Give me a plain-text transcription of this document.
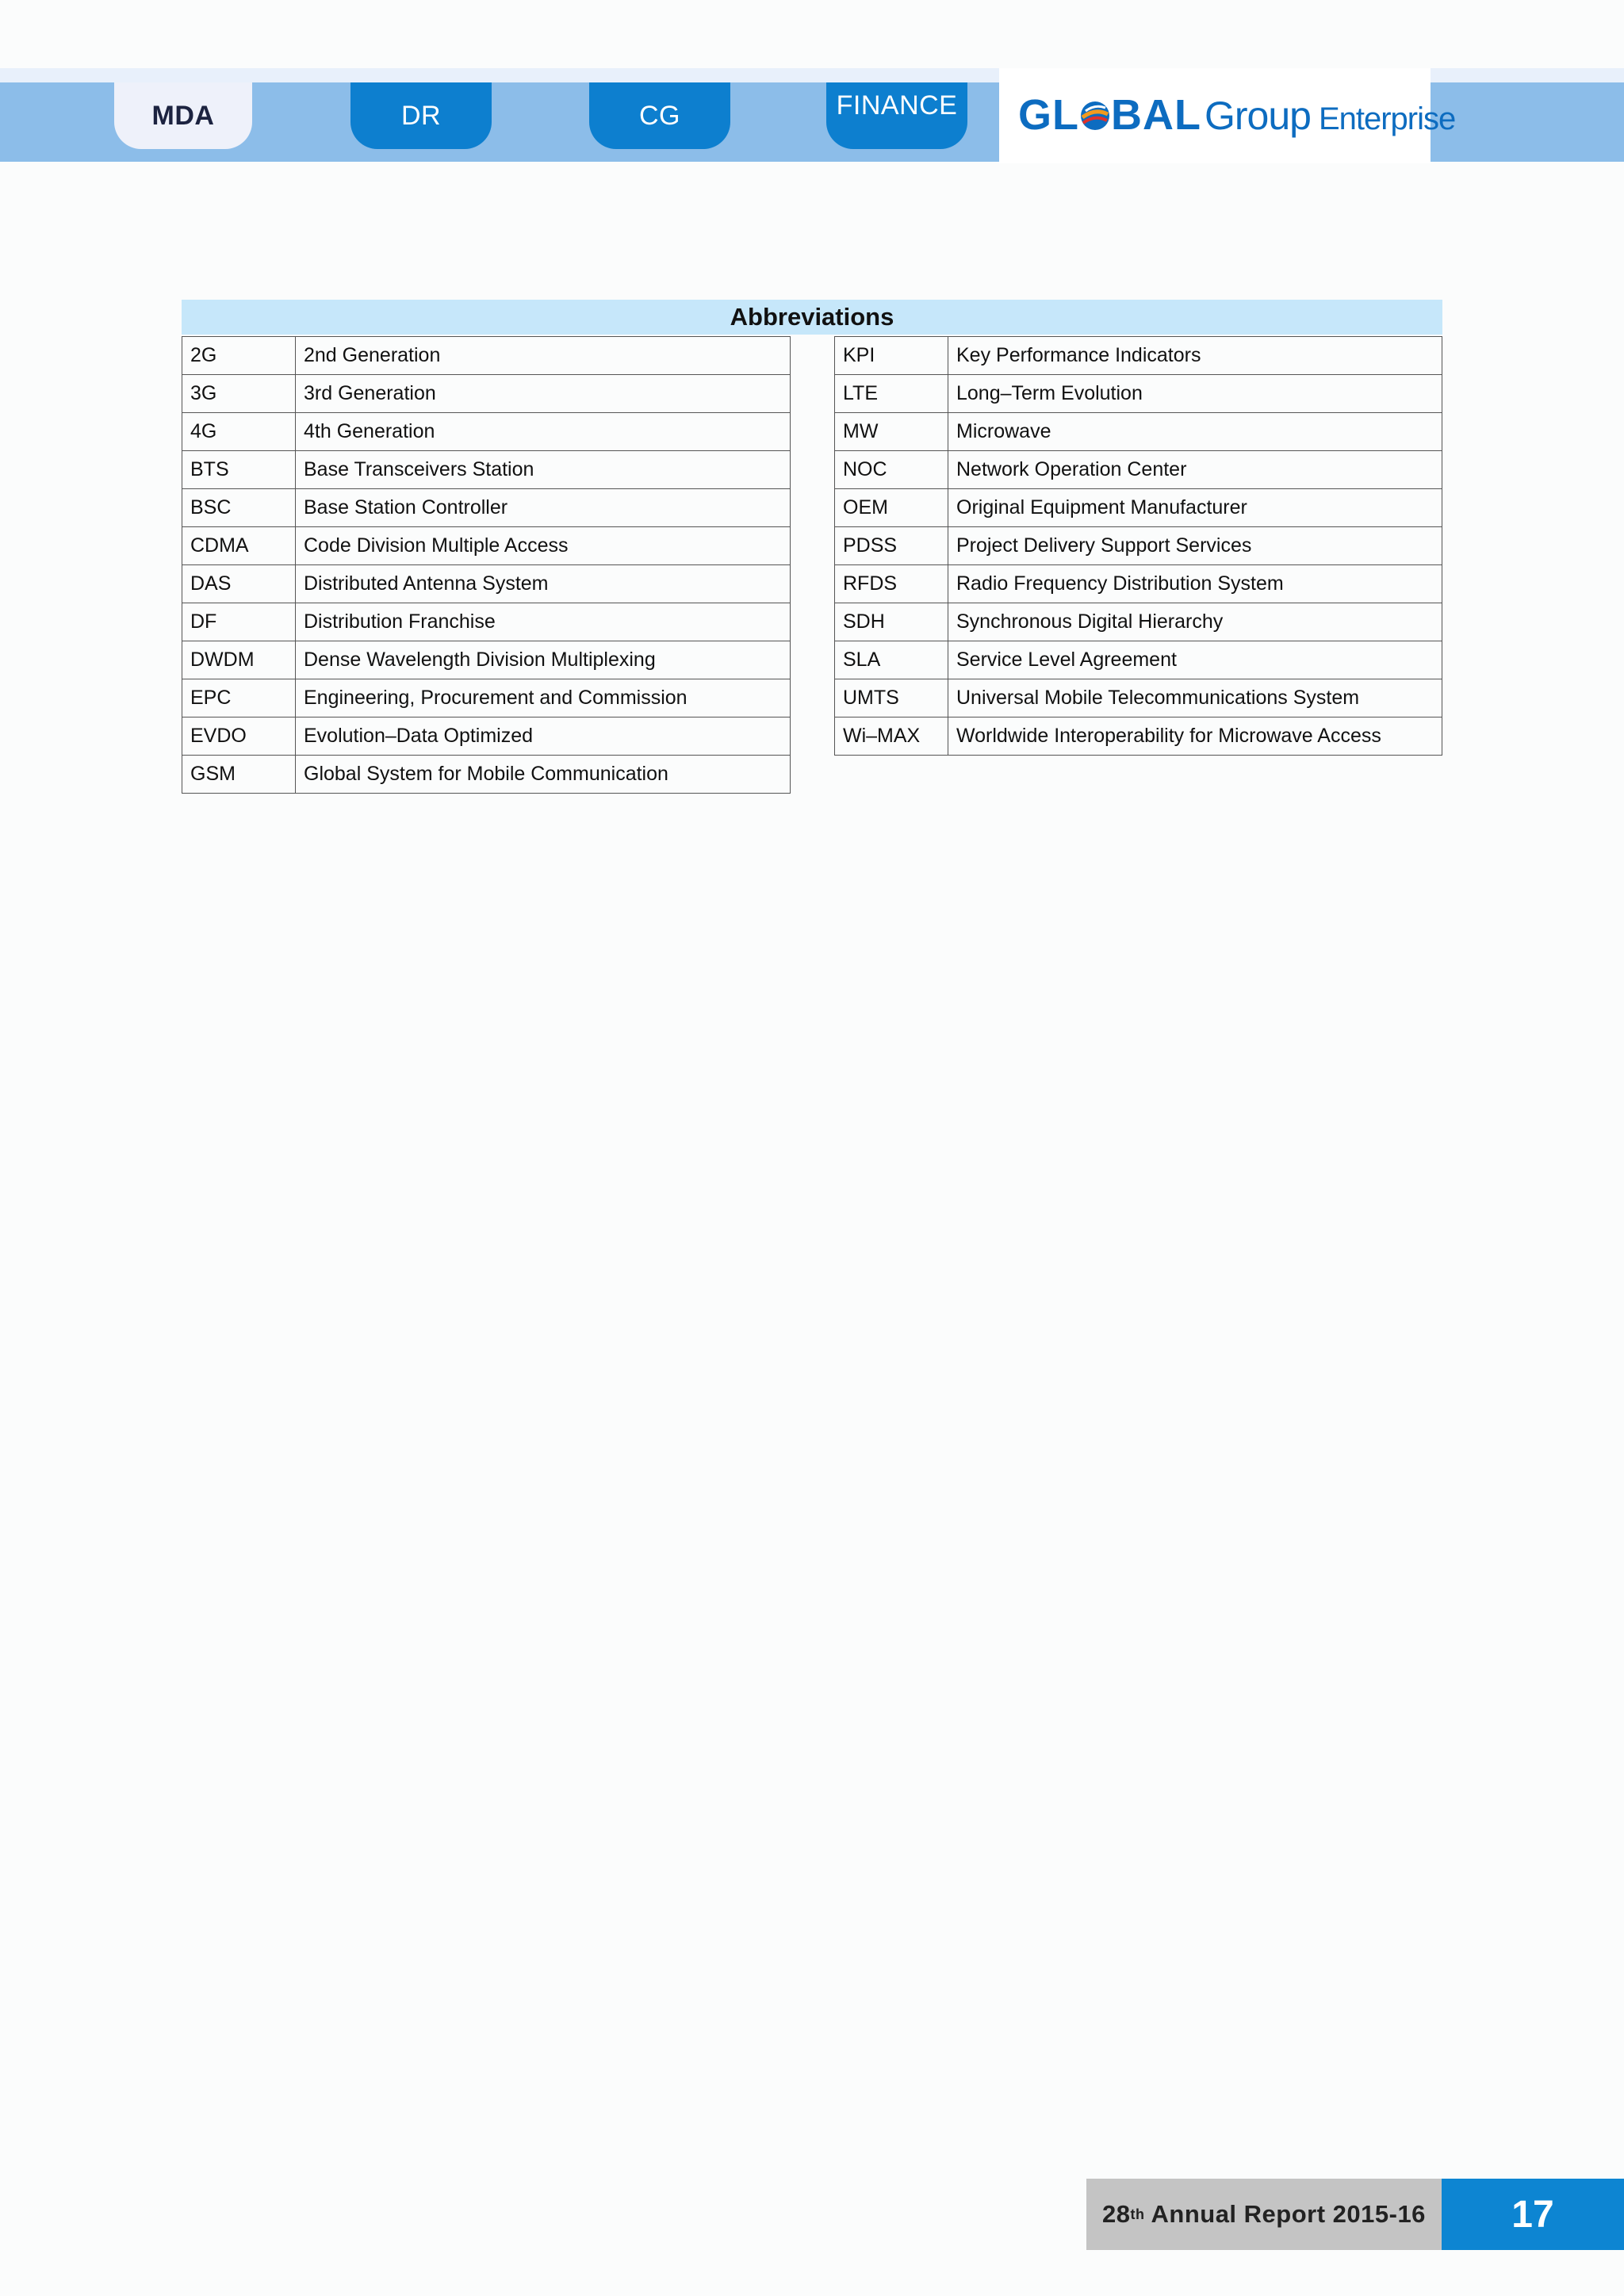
MDA	DR	CG	FINANCE GL BAL Group Enterprise
Abbreviations
2G	2nd Generation
3G	3rd Generation
4G	4th Generation
BTS	Base Transceivers Station
BSC	Base Station Controller
CDMA	Code Division Multiple Access
DAS	Distributed Antenna System
DF	Distribution Franchise
DWDM	Dense Wavelength Division Multiplexing
EPC	Engineering, Procurement and Commission
EVDO	Evolution–Data Optimized
GSM	Global System for Mobile Communication
KPI	Key Performance Indicators
LTE	Long–Term Evolution
MW	Microwave
NOC	Network Operation Center
OEM	Original Equipment Manufacturer
PDSS	Project Delivery Support Services
RFDS	Radio Frequency Distribution System
SDH	Synchronous Digital Hierarchy
SLA	Service Level Agreement
UMTS	Universal Mobile Telecommunications System
Wi–MAX	Worldwide Interoperability for Microwave Access
28 th Annual Report 2015-16	17
